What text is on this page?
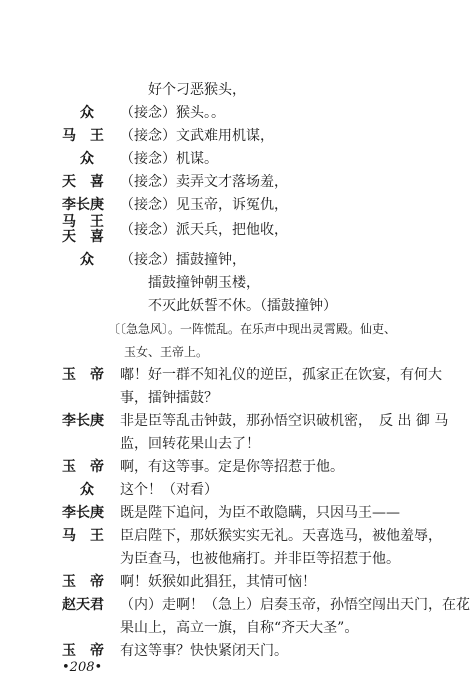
好个刁恶猴头，
众	（接念）猴头。。
马　王	（接念）文武难用机谋，
众	（接念）机谋。
天　喜	（接念）卖弄文才落场羞，
李长庚	（接念）见玉帝，诉冤仇，
马　王
天　喜	（接念）派天兵，把他收，
众	（接念）擂鼓撞钟，
擂鼓撞钟朝玉楼，
不灭此妖誓不休。（擂鼓撞钟）
〔〔急急风〕。一阵慌乱。在乐声中现出灵霄殿。仙吏、
玉女、王帝上。
玉　帝	嘟！好一群不知礼仪的逆臣，孤家正在饮宴，有何大
事，擂钟擂鼓？
李长庚	非是臣等乱击钟鼓，那孙悟空识破机密，　反 出 御 马
监，回转花果山去了！
玉　帝	啊，有这等事。定是你等招惹于他。
众	这个！（对看）
李长庚	既是陛下追问，为臣不敢隐瞒，只因马王——
马　王	臣启陛下，那妖猴实实无礼。天喜选马，被他羞辱，
为臣查马，也被他痛打。并非臣等招惹于他。
玉　帝	啊！妖猴如此猖狂，其情可恼！
赵天君	（内）走啊！（急上）启奏玉帝，孙悟空闯出天门，在花
果山上，高立一旗，自称“齐天大圣”。
玉　帝	有这等事？快快紧闭天门。
•208•
